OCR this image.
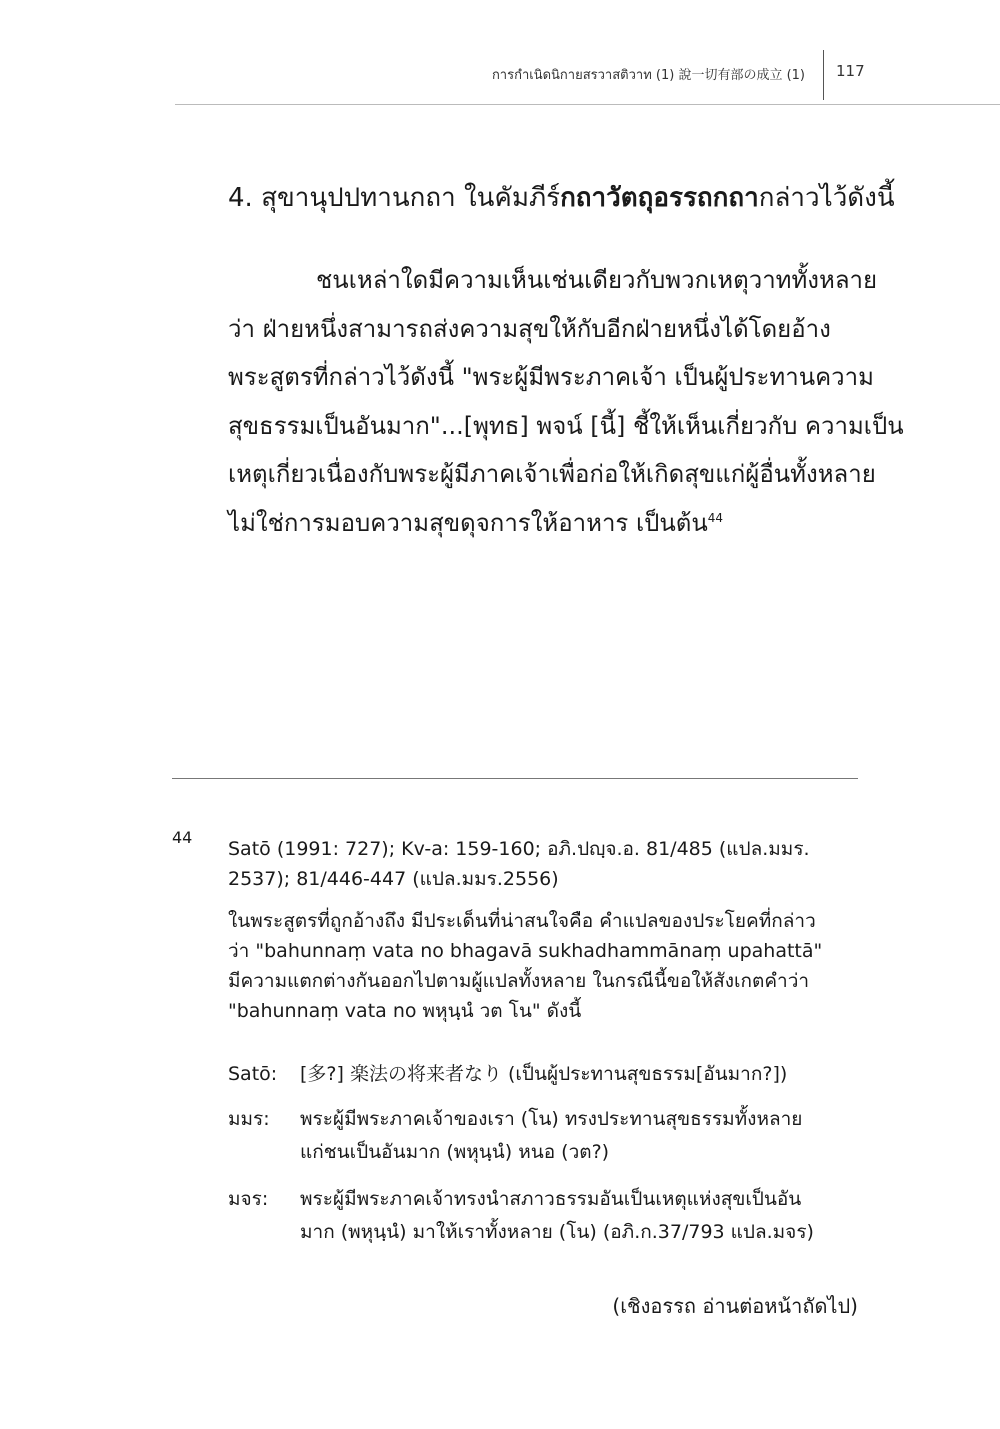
การกำเนิดนิกายสรวาสติวาท (1) 說一切有部の成立 (1) 117
4. สุขานุปปทานกถา ในคัมภีร์กถาวัตถุอรรถกถากล่าวไว้ดังนี้
ชนเหล่าใดมีความเห็นเช่นเดียวกับพวกเหตุวาททั้งหลาย
ว่า ฝ่ายหนึ่งสามารถส่งความสุขให้กับอีกฝ่ายหนึ่งได้โดยอ้าง
พระสูตรที่กล่าวไว้ดังนี้ "พระผู้มีพระภาคเจ้า เป็นผู้ประทานความ
สุขธรรมเป็นอันมาก"...[พุทธ] พจน์ [นี้] ชี้ให้เห็นเกี่ยวกับ ความเป็น
เหตุเกี่ยวเนื่องกับพระผู้มีภาคเจ้าเพื่อก่อให้เกิดสุขแก่ผู้อื่นทั้งหลาย
ไม่ใช่การมอบความสุขดุจการให้อาหาร เป็นต้น$^{44}$
44
Satō (1991: 727); Kv-a: 159-160; อภิ.ปญฺจ.อ. 81/485 (แปล.มมร.
2537); 81/446-447 (แปล.มมร.2556)
ในพระสูตรที่ถูกอ้างถึง มีประเด็นที่น่าสนใจคือ คำแปลของประโยคที่กล่าว
ว่า "bahunnaṃ vata no bhagavā sukhadhammānaṃ upahattā"
มีความแตกต่างกันออกไปตามผู้แปลทั้งหลาย ในกรณีนี้ขอให้สังเกตคำว่า
"bahunnaṃ vata no พหุนฺนํ วต โน" ดังนี้
Satō:	[多?] 楽法の将来者なり (เป็นผู้ประทานสุขธรรม[อันมาก?])
มมร:	พระผู้มีพระภาคเจ้าของเรา (โน) ทรงประทานสุขธรรมทั้งหลาย
แก่ชนเป็นอันมาก (พหุนฺนํ) หนอ (วต?)
มจร:	พระผู้มีพระภาคเจ้าทรงนำสภาวธรรมอันเป็นเหตุแห่งสุขเป็นอัน
มาก (พหุนฺนํ) มาให้เราทั้งหลาย (โน) (อภิ.ก.37/793 แปล.มจร)
(เชิงอรรถ อ่านต่อหน้าถัดไป)
